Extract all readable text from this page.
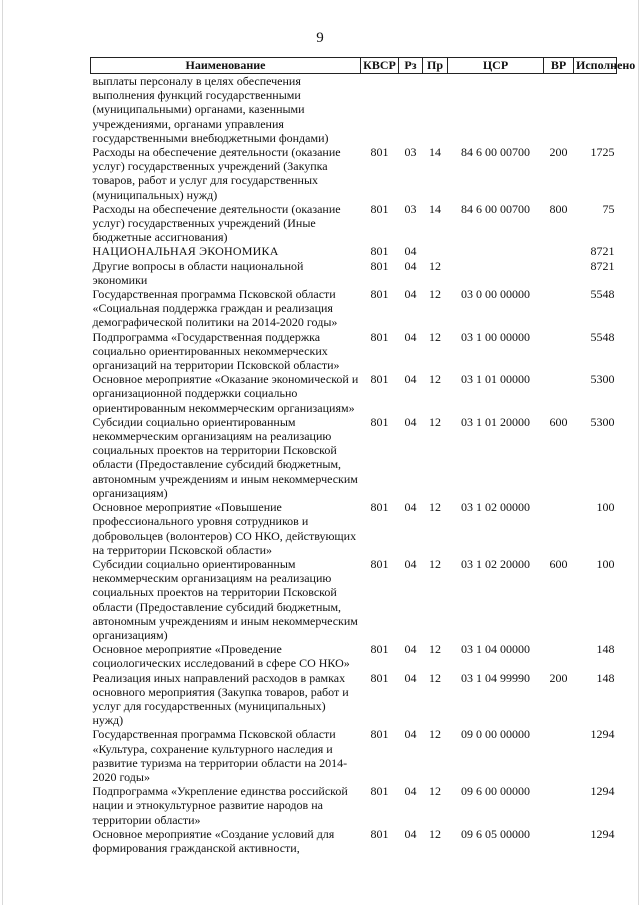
9
Наименование	КВСР	Рз	Пр	ЦСР	ВР	Исполнено
выплаты персоналу в целях обеспечения выполнения функций государственными (муниципальными) органами, казенными учреждениями, органами управления государственными внебюджетными фондами)						
Расходы на обеспечение деятельности (оказание услуг) государственных учреждений (Закупка товаров, работ и услуг для государственных (муниципальных) нужд)	801	03	14	84 6 00 00700	200	1725
Расходы на обеспечение деятельности (оказание услуг) государственных учреждений (Иные бюджетные ассигнования)	801	03	14	84 6 00 00700	800	75
НАЦИОНАЛЬНАЯ ЭКОНОМИКА	801	04				8721
Другие вопросы в области национальной экономики	801	04	12			8721
Государственная программа Псковской области «Социальная поддержка граждан и реализация демографической политики на 2014-2020 годы»	801	04	12	03 0 00 00000		5548
Подпрограмма «Государственная поддержка социально ориентированных некоммерческих организаций на территории Псковской области»	801	04	12	03 1 00 00000		5548
Основное мероприятие «Оказание экономической и организационной поддержки социально ориентированным некоммерческим организациям»	801	04	12	03 1 01 00000		5300
Субсидии социально ориентированным некоммерческим организациям на реализацию социальных проектов на территории Псковской области (Предоставление субсидий бюджетным, автономным учреждениям и иным некоммерческим организациям)	801	04	12	03 1 01 20000	600	5300
Основное мероприятие «Повышение профессионального уровня сотрудников и добровольцев (волонтеров) СО НКО, действующих на территории Псковской области»	801	04	12	03 1 02 00000		100
Субсидии социально ориентированным некоммерческим организациям на реализацию социальных проектов на территории Псковской области (Предоставление субсидий бюджетным, автономным учреждениям и иным некоммерческим организациям)	801	04	12	03 1 02 20000	600	100
Основное мероприятие «Проведение социологических исследований в сфере СО НКО»	801	04	12	03 1 04 00000		148
Реализация иных направлений расходов в рамках основного мероприятия (Закупка товаров, работ и услуг для государственных (муниципальных) нужд)	801	04	12	03 1 04 99990	200	148
Государственная программа Псковской области «Культура, сохранение культурного наследия и развитие туризма на территории области на 2014-2020 годы»	801	04	12	09 0 00 00000		1294
Подпрограмма «Укрепление единства российской нации и этнокультурное развитие народов на территории области»	801	04	12	09 6 00 00000		1294
Основное мероприятие «Создание условий для формирования гражданской активности,	801	04	12	09 6 05 00000		1294
